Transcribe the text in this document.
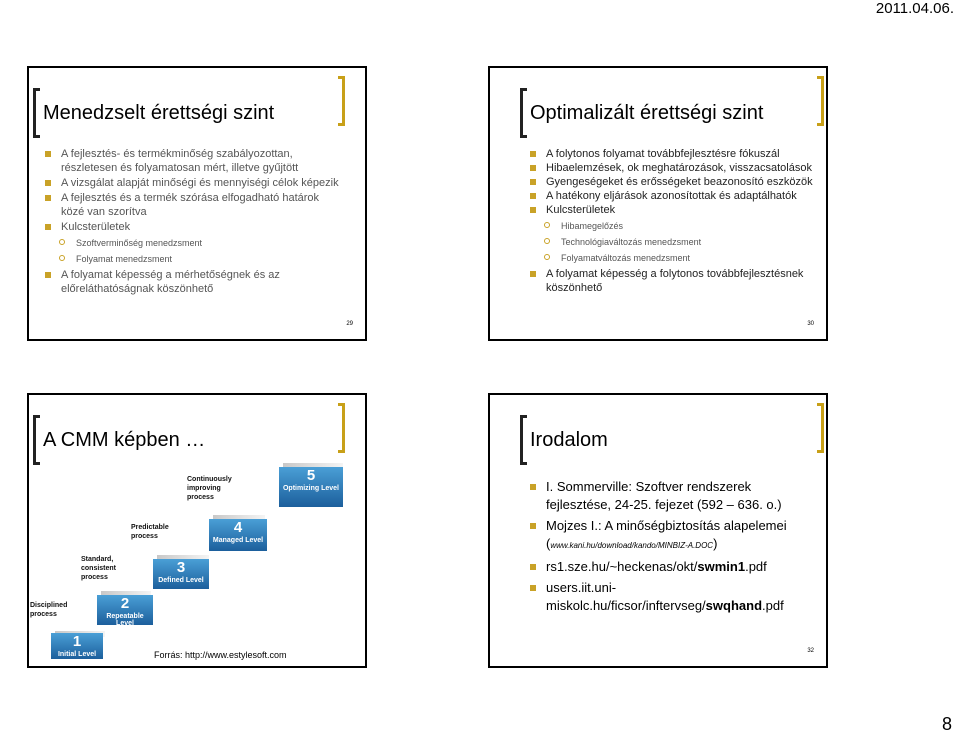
2011.04.06.
Menedzselt érettségi szint
A fejlesztés- és termékminőség szabályozottan, részletesen és folyamatosan mért, illetve gyűjtött
A vizsgálat alapját minőségi és mennyiségi célok képezik
A fejlesztés és a termék szórása elfogadható határok közé van szorítva
Kulcsterületek
Szoftverminőség menedzsment
Folyamat menedzsment
A folyamat képesség a mérhetőségnek és az előreláthatóságnak köszönhető
29
Optimalizált érettségi szint
A folytonos folyamat továbbfejlesztésre fókuszál
Hibaelemzések, ok meghatározások, visszacsatolások
Gyengeségeket és erősségeket beazonosító eszközök
A hatékony eljárások azonosítottak és adaptálhatók
Kulcsterületek
Hibamegelőzés
Technológiaváltozás menedzsment
Folyamatváltozás menedzsment
A folyamat képesség a folytonos továbbfejlesztésnek köszönhető
30
A CMM képben …
Disciplined process
Standard, consistent process
Predictable process
Continuously improving process
1
Initial Level
2
Repeatable Level
3
Defined Level
4
Managed Level
5
Optimizing Level
Forrás: http://www.estylesoft.com
Irodalom
I. Sommerville: Szoftver rendszerek fejlesztése, 24-25. fejezet (592 – 636. o.)
Mojzes I.: A minőségbiztosítás alapelemei (www.kani.hu/download/kando/MINBIZ-A.DOC)
rs1.sze.hu/~heckenas/okt/swmin1.pdf
users.iit.uni-miskolc.hu/ficsor/inftervseg/swqhand.pdf
32
8
